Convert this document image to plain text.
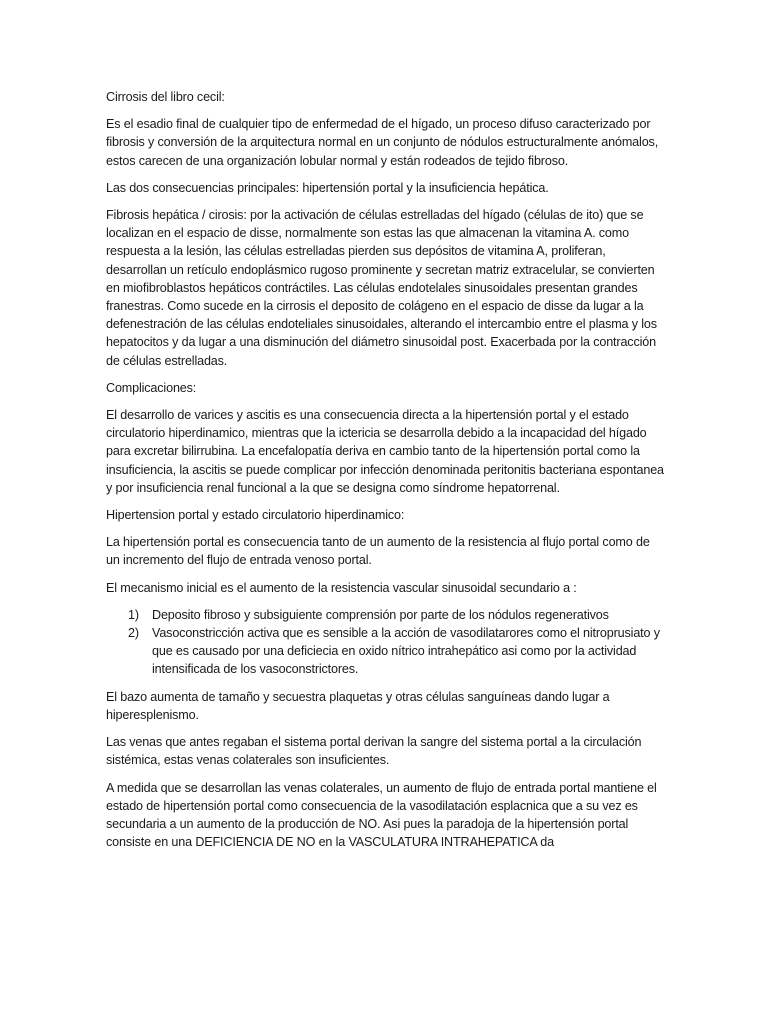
Cirrosis del libro cecil:

Es el esadio final de cualquier tipo de enfermedad de el hígado, un proceso difuso caracterizado por fibrosis y conversión de la arquitectura normal en un conjunto de nódulos estructuralmente anómalos, estos carecen de una organización lobular normal y están rodeados de tejido fibroso.

Las dos consecuencias principales: hipertensión portal y la insuficiencia hepática.

Fibrosis hepática / cirosis: por la activación de células estrelladas del hígado (células de ito) que se localizan en el espacio de disse, normalmente son estas las que almacenan la vitamina A. como respuesta a la lesión, las células estrelladas pierden sus depósitos de vitamina A, proliferan, desarrollan un retículo endoplásmico rugoso prominente y secretan matriz extracelular, se convierten en miofibroblastos hepáticos contráctiles. Las células endotelales sinusoidales presentan grandes franestras. Como sucede en la cirrosis el deposito de colágeno en el espacio de disse da lugar a la defenestración de las células endoteliales sinusoidales, alterando el intercambio entre el plasma y los hepatocitos y da lugar a una disminución del diámetro sinusoidal post. Exacerbada por la contracción de células estrelladas.

Complicaciones:

El desarrollo de varices y ascitis es una consecuencia directa a la hipertensión portal y el estado circulatorio hiperdinamico, mientras que la ictericia se desarrolla debido a la incapacidad del hígado para excretar bilirrubina. La encefalopatía deriva en cambio tanto de la hipertensión portal como la insuficiencia, la ascitis se puede complicar por infección denominada peritonitis bacteriana espontanea y por insuficiencia renal funcional a la que se designa como síndrome hepatorrenal.

Hipertension portal y estado circulatorio hiperdinamico:

La hipertensión portal es consecuencia tanto de un aumento de la resistencia al flujo portal como de un incremento del flujo de entrada venoso portal.

El mecanismo inicial es el aumento de la resistencia vascular sinusoidal secundario a :

1) Deposito fibroso y subsiguiente comprensión por parte de los nódulos regenerativos
2) Vasoconstricción activa que es sensible a la acción de vasodilatarores como el nitroprusiato y que es causado por una deficiecia en oxido nítrico intrahepático asi como por la actividad intensificada de los vasoconstrictores.

El bazo aumenta de tamaño y secuestra plaquetas y otras células sanguíneas dando lugar a hiperesplenismo.

Las venas que antes regaban el sistema portal derivan la sangre del sistema portal a la circulación sistémica, estas venas colaterales son insuficientes.

A medida que se desarrollan las venas colaterales, un aumento de flujo de entrada portal mantiene el estado de hipertensión portal como consecuencia de la vasodilatación esplacnica que a su vez es secundaria a un aumento de la producción de NO. Asi pues la paradoja de la hipertensión portal consiste en una DEFICIENCIA DE NO en la VASCULATURA INTRAHEPATICA da
